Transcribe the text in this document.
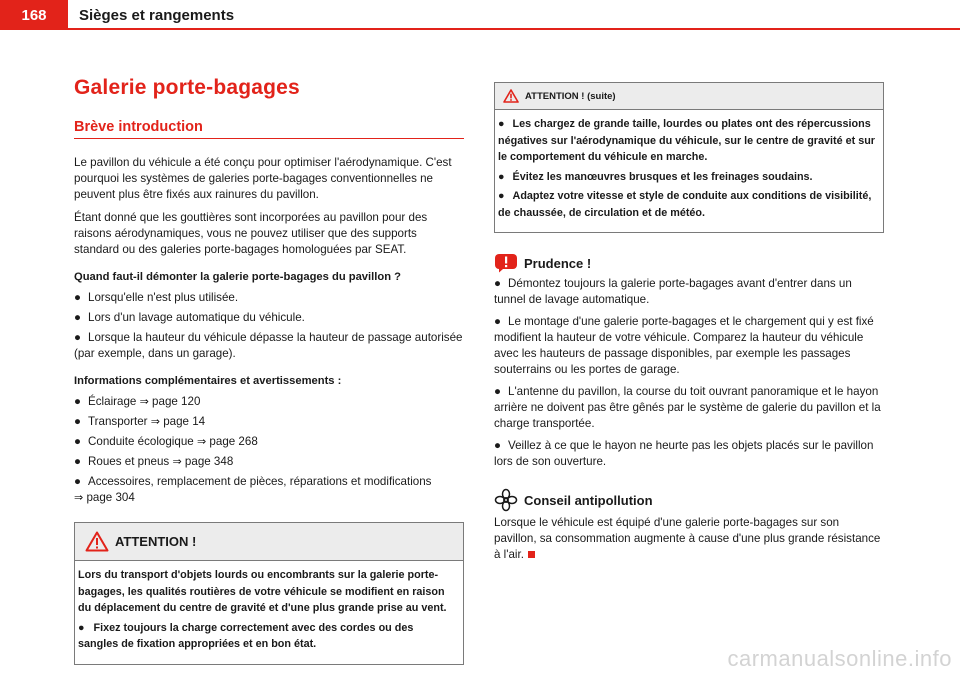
168	Sièges et rangements
Galerie porte-bagages
Brève introduction

Le pavillon du véhicule a été conçu pour optimiser l'aérodynamique. C'est pourquoi les systèmes de galeries porte-bagages conventionnelles ne peuvent plus être fixés aux rainures du pavillon.

Étant donné que les gouttières sont incorporées au pavillon pour des raisons aérodynamiques, vous ne pouvez utiliser que des supports standard ou des galeries porte-bagages homologuées par SEAT.

Quand faut-il démonter la galerie porte-bagages du pavillon ?

● Lorsqu'elle n'est plus utilisée.
● Lors d'un lavage automatique du véhicule.
● Lorsque la hauteur du véhicule dépasse la hauteur de passage autorisée (par exemple, dans un garage).

Informations complémentaires et avertissements :

● Éclairage ⇒ page 120
● Transporter ⇒ page 14
● Conduite écologique ⇒ page 268
● Roues et pneus ⇒ page 348
● Accessoires, remplacement de pièces, réparations et modifications
⇒ page 304
ATTENTION !

Lors du transport d'objets lourds ou encombrants sur la galerie porte-bagages, les qualités routières de votre véhicule se modifient en raison du déplacement du centre de gravité et d'une plus grande prise au vent.

● Fixez toujours la charge correctement avec des cordes ou des sangles de fixation appropriées et en bon état.

ATTENTION ! (suite)

● Les chargez de grande taille, lourdes ou plates ont des répercussions négatives sur l'aérodynamique du véhicule, sur le centre de gravité et sur le comportement du véhicule en marche.

● Évitez les manœuvres brusques et les freinages soudains.

● Adaptez votre vitesse et style de conduite aux conditions de visibilité, de chaussée, de circulation et de météo.

Prudence !
● Démontez toujours la galerie porte-bagages avant d'entrer dans un tunnel de lavage automatique.
● Le montage d'une galerie porte-bagages et le chargement qui y est fixé modifient la hauteur de votre véhicule. Comparez la hauteur du véhicule avec les hauteurs de passage disponibles, par exemple les passages souterrains ou les portes de garage.
● L'antenne du pavillon, la course du toit ouvrant panoramique et le hayon arrière ne doivent pas être gênés par le système de galerie du pavillon et la charge transportée.
● Veillez à ce que le hayon ne heurte pas les objets placés sur le pavillon lors de son ouverture.
Conseil antipollution

Lorsque le véhicule est équipé d'une galerie porte-bagages sur son pavillon, sa consommation augmente à cause d'une plus grande résistance à l'air.

carmanualsonline.info
